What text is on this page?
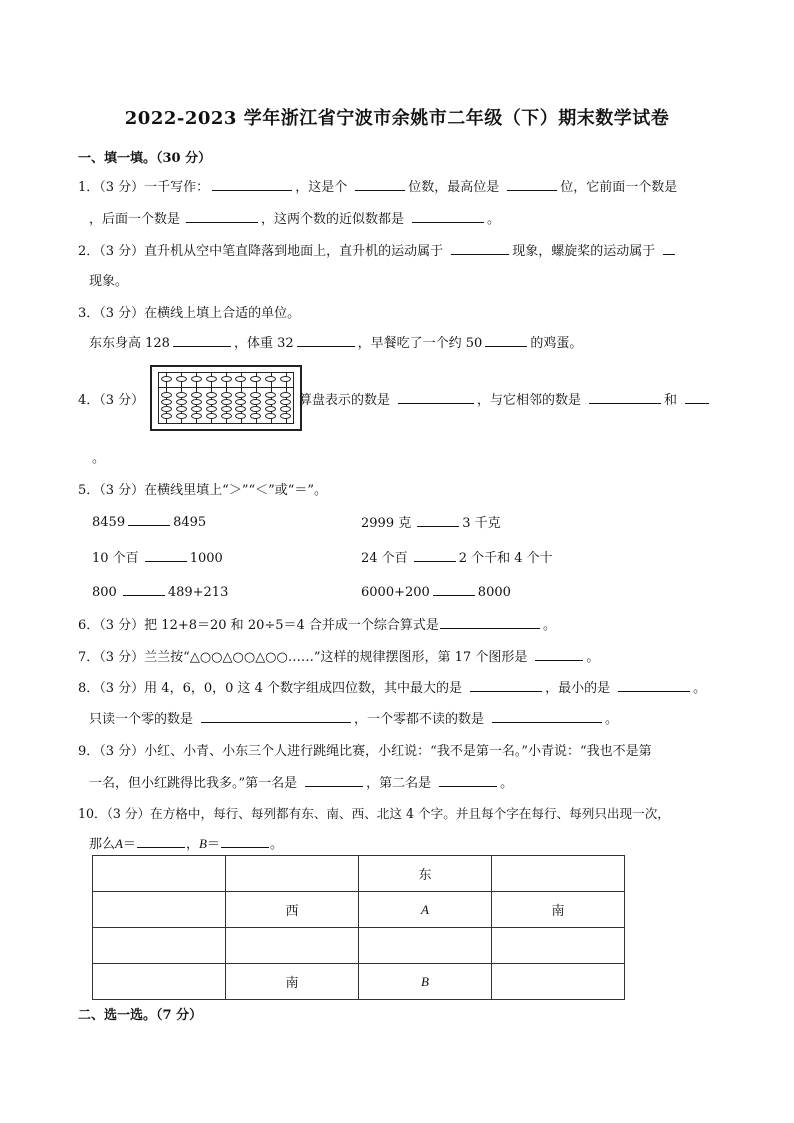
2022-2023 学年浙江省宁波市余姚市二年级（下）期末数学试卷
一、填一填。（30 分）
1．（3 分）一千写作：	，这是个	位数，最高位是	位，它前面一个数是
，后面一个数是	，这两个数的近似数都是	。
2．（3 分）直升机从空中笔直降落到地面上，直升机的运动属于	现象，螺旋桨的运动属于
现象。
3．（3 分）在横线上填上合适的单位。
东东身高 128	，体重 32	，早餐吃了一个约 50	的鸡蛋。
4．（3 分）	算盘表示的数是	，与它相邻的数是	和
。
5．（3 分）在横线里填上“＞”“＜”或“＝”。
8459	8495	2999 克	3 千克
10 个百	1000	24 个百	2 个千和 4 个十
800	489+213	6000+200	8000
6．（3 分）把 12+8＝20 和 20÷5＝4 合并成一个综合算式是	。
7．（3 分）兰兰按“△○○△○○△○○……”这样的规律摆图形，第 17 个图形是	。
8．（3 分）用 4，6，0，0 这 4 个数字组成四位数，其中最大的是	，最小的是	。
只读一个零的数是	，一个零都不读的数是	。
9．（3 分）小红、小青、小东三个人进行跳绳比赛，小红说：“我不是第一名。”小青说：“我也不是第
一名，但小红跳得比我多。”第一名是	，第二名是	。
10．（3 分）在方格中，每行、每列都有东、南、西、北这 4 个字。并且每个字在每行、每列只出现一次，
那么A＝	，B＝	。
		东	
	西	A	南

	南	B	
二、选一选。（7 分）
